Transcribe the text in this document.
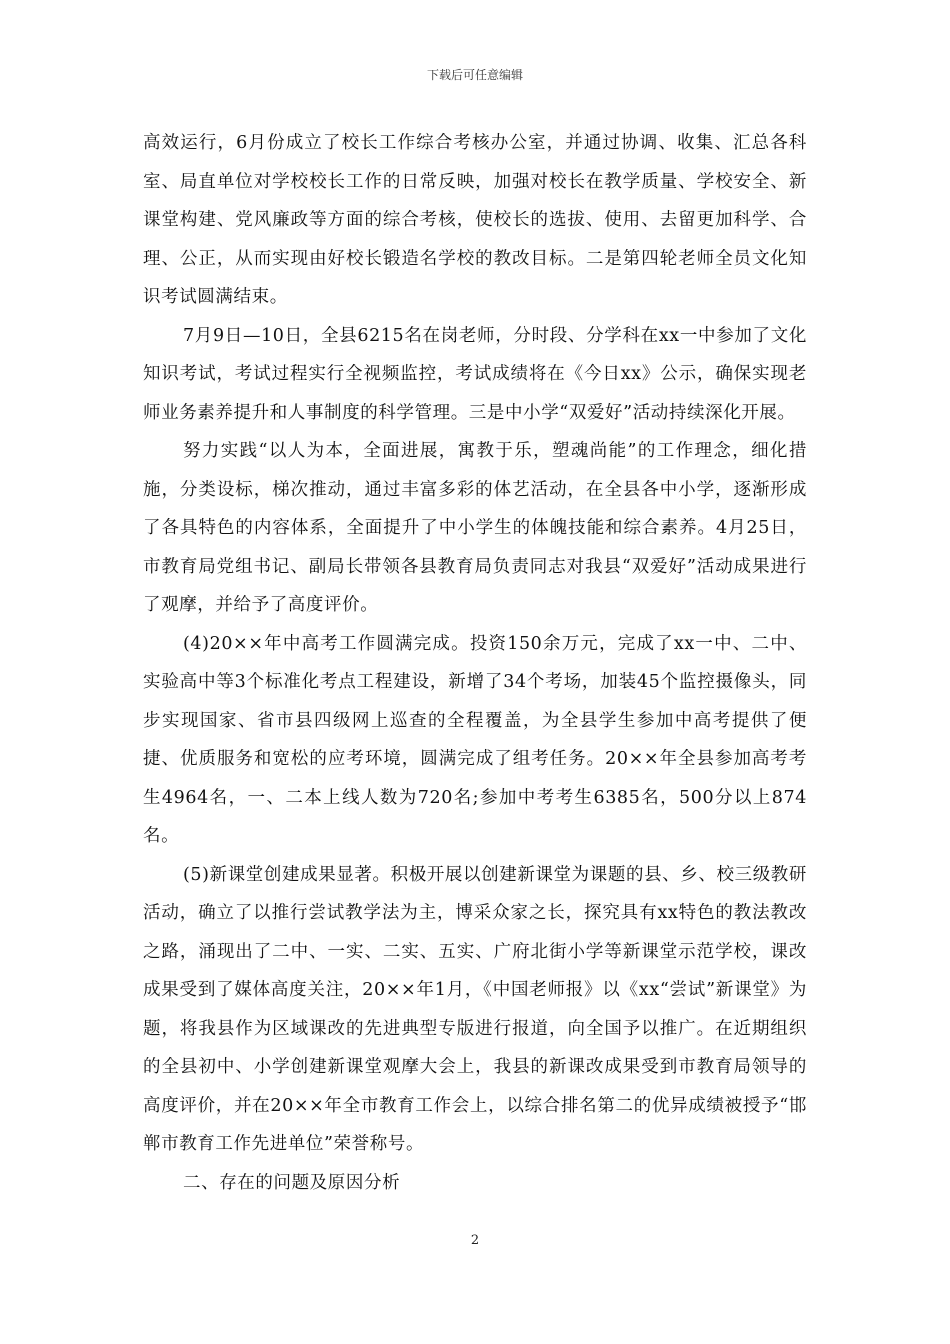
下载后可任意编辑

高效运行，6月份成立了校长工作综合考核办公室，并通过协调、收集、汇总各科室、局直单位对学校校长工作的日常反映，加强对校长在教学质量、学校安全、新课堂构建、党风廉政等方面的综合考核，使校长的选拔、使用、去留更加科学、合理、公正，从而实现由好校长锻造名学校的教改目标。二是第四轮老师全员文化知识考试圆满结束。

7月9日—10日，全县6215名在岗老师，分时段、分学科在xx一中参加了文化知识考试，考试过程实行全视频监控，考试成绩将在《今日xx》公示，确保实现老师业务素养提升和人事制度的科学管理。三是中小学“双爱好”活动持续深化开展。

努力实践“以人为本，全面进展，寓教于乐，塑魂尚能”的工作理念，细化措施，分类设标，梯次推动，通过丰富多彩的体艺活动，在全县各中小学，逐渐形成了各具特色的内容体系，全面提升了中小学生的体魄技能和综合素养。4月25日，市教育局党组书记、副局长带领各县教育局负责同志对我县“双爱好”活动成果进行了观摩，并给予了高度评价。

(4)20××年中高考工作圆满完成。投资150余万元，完成了xx一中、二中、实验高中等3个标准化考点工程建设，新增了34个考场，加装45个监控摄像头，同步实现国家、省市县四级网上巡查的全程覆盖，为全县学生参加中高考提供了便捷、优质服务和宽松的应考环境，圆满完成了组考任务。20××年全县参加高考考生4964名，一、二本上线人数为720名;参加中考考生6385名，500分以上874名。

(5)新课堂创建成果显著。积极开展以创建新课堂为课题的县、乡、校三级教研活动，确立了以推行尝试教学法为主，博采众家之长，探究具有xx特色的教法教改之路，涌现出了二中、一实、二实、五实、广府北街小学等新课堂示范学校，课改成果受到了媒体高度关注，20××年1月，《中国老师报》以《xx“尝试”新课堂》为题，将我县作为区域课改的先进典型专版进行报道，向全国予以推广。在近期组织的全县初中、小学创建新课堂观摩大会上，我县的新课改成果受到市教育局领导的高度评价，并在20××年全市教育工作会上，以综合排名第二的优异成绩被授予“邯郸市教育工作先进单位”荣誉称号。

二、存在的问题及原因分析

2
